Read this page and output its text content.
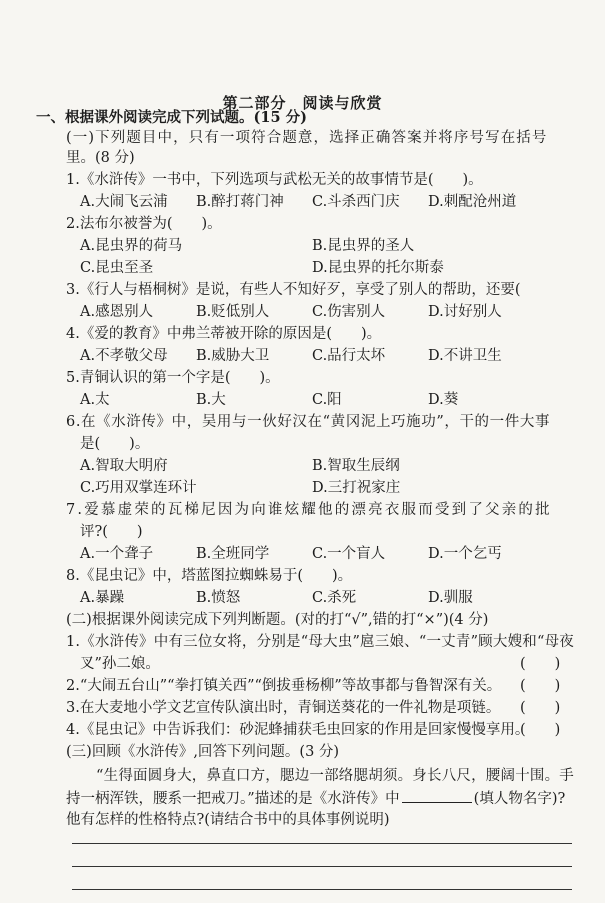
第二部分 阅读与欣赏
一、根据课外阅读完成下列试题。(15 分)
(一)下列题目中，只有一项符合题意，选择正确答案并将序号写在括号
里。(8 分)
1.《水浒传》一书中，下列选项与武松无关的故事情节是(　　)。
A.大闹飞云浦 B.醉打蒋门神 C.斗杀西门庆 D.刺配沧州道
2.法布尔被誉为(　　)。
A.昆虫界的荷马	B.昆虫界的圣人
C.昆虫至圣	D.昆虫界的托尔斯泰
3.《行人与梧桐树》是说，有些人不知好歹，享受了别人的帮助，还要(
A.感恩别人	B.贬低别人	C.伤害别人	D.讨好别人
4.《爱的教育》中弗兰蒂被开除的原因是(　　)。
A.不孝敬父母 B.威胁大卫	C.品行太坏	D.不讲卫生
5.青铜认识的第一个字是(　　)。
A.太	B.大	C.阳	D.葵
6.在《水浒传》中，吴用与一伙好汉在“黄冈泥上巧施功”，干的一件大事
是(　　)。
A.智取大明府	B.智取生辰纲
C.巧用双掌连环计	D.三打祝家庄
7.爱慕虚荣的瓦梯尼因为向谁炫耀他的漂亮衣服而受到了父亲的批
评?(　　)
A.一个聋子	B.全班同学	C.一个盲人	D.一个乞丐
8.《昆虫记》中，塔蓝图拉蜘蛛易于(　　)。
A.暴躁	B.愤怒	C.杀死	D.驯服
(二)根据课外阅读完成下列判断题。(对的打“√”,错的打“×”)(4 分)
1.《水浒传》中有三位女将，分别是“母大虫”扈三娘、“一丈青”顾大嫂和“母夜
叉”孙二娘。	(　　)
2.“大闹五台山”“拳打镇关西”“倒拔垂杨柳”等故事都与鲁智深有关。 (　　)
3.在大麦地小学文艺宣传队演出时，青铜送葵花的一件礼物是项链。 (　　)
4.《昆虫记》中告诉我们：砂泥蜂捕获毛虫回家的作用是回家慢慢享用。
(　　)
(三)回顾《水浒传》,回答下列问题。(3 分)
“生得面圆身大，鼻直口方，腮边一部络腮胡须。身长八尺，腰阔十围。手
持一柄浑铁，腰系一把戒刀。”描述的是《水浒传》中	(填人物名字)?
他有怎样的性格特点?(请结合书中的具体事例说明)
